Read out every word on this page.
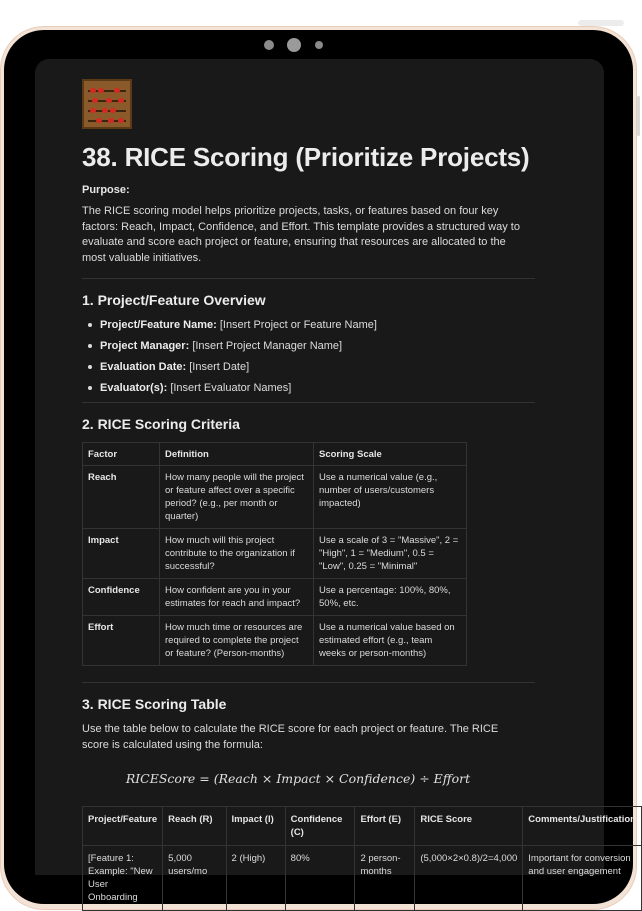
38. RICE Scoring (Prioritize Projects)
Purpose:

The RICE scoring model helps prioritize projects, tasks, or features based on four key factors: Reach, Impact, Confidence, and Effort. This template provides a structured way to evaluate and score each project or feature, ensuring that resources are allocated to the most valuable initiatives.

1. Project/Feature Overview
Project/Feature Name: [Insert Project or Feature Name]
Project Manager: [Insert Project Manager Name]
Evaluation Date: [Insert Date]
Evaluator(s): [Insert Evaluator Names]
2. RICE Scoring Criteria
Factor	Definition	Scoring Scale
Reach	How many people will the project or feature affect over a specific period? (e.g., per month or quarter)	Use a numerical value (e.g., number of users/customers impacted)
Impact	How much will this project contribute to the organization if successful?	Use a scale of 3 = "Massive", 2 = "High", 1 = "Medium", 0.5 = "Low", 0.25 = "Minimal"
Confidence	How confident are you in your estimates for reach and impact?	Use a percentage: 100%, 80%, 50%, etc.
Effort	How much time or resources are required to complete the project or feature? (Person-months)	Use a numerical value based on estimated effort (e.g., team weeks or person-months)
3. RICE Scoring Table

Use the table below to calculate the RICE score for each project or feature. The RICE score is calculated using the formula:

RICEScore = (Reach × Impact × Confidence) ÷ Effort
Project/Feature	Reach (R)	Impact (I)	Confidence (C)	Effort (E)	RICE Score	Comments/Justification
[Feature 1: Example: "New User Onboarding	5,000 users/mo	2 (High)	80%	2 person-months	(5,000×2×0.8)/2=4,000	Important for conversion and user engagement
